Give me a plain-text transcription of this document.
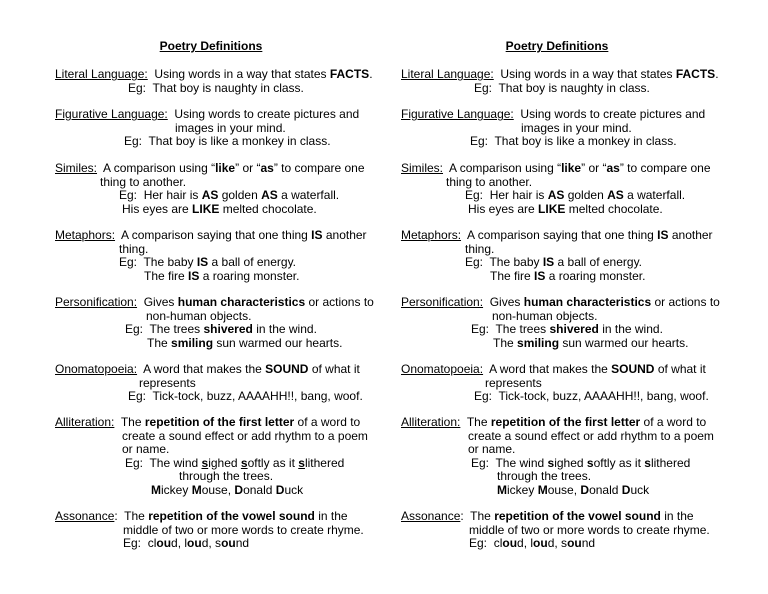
Poetry Definitions
Literal Language: Using words in a way that states FACTS.
Eg: That boy is naughty in class.
Figurative Language: Using words to create pictures and
images in your mind.
Eg: That boy is like a monkey in class.
Similes: A comparison using “like” or “as” to compare one
thing to another.
Eg: Her hair is AS golden AS a waterfall.
His eyes are LIKE melted chocolate.
Metaphors: A comparison saying that one thing IS another
thing.
Eg: The baby IS a ball of energy.
The fire IS a roaring monster.
Personification: Gives human characteristics or actions to
non-human objects.
Eg: The trees shivered in the wind.
The smiling sun warmed our hearts.
Onomatopoeia: A word that makes the SOUND of what it
represents
Eg: Tick-tock, buzz, AAAAHH!!, bang, woof.
Alliteration: The repetition of the first letter of a word to
create a sound effect or add rhythm to a poem
or name.
Eg: The wind sighed softly as it slithered
through the trees.
Mickey Mouse, Donald Duck
Assonance: The repetition of the vowel sound in the
middle of two or more words to create rhyme.
Eg: cloud, loud, sound
Poetry Definitions
Literal Language: Using words in a way that states FACTS.
Eg: That boy is naughty in class.
Figurative Language: Using words to create pictures and
images in your mind.
Eg: That boy is like a monkey in class.
Similes: A comparison using “like” or “as” to compare one
thing to another.
Eg: Her hair is AS golden AS a waterfall.
His eyes are LIKE melted chocolate.
Metaphors: A comparison saying that one thing IS another
thing.
Eg: The baby IS a ball of energy.
The fire IS a roaring monster.
Personification: Gives human characteristics or actions to
non-human objects.
Eg: The trees shivered in the wind.
The smiling sun warmed our hearts.
Onomatopoeia: A word that makes the SOUND of what it
represents
Eg: Tick-tock, buzz, AAAAHH!!, bang, woof.
Alliteration: The repetition of the first letter of a word to
create a sound effect or add rhythm to a poem
or name.
Eg: The wind sighed softly as it slithered
through the trees.
Mickey Mouse, Donald Duck
Assonance: The repetition of the vowel sound in the
middle of two or more words to create rhyme.
Eg: cloud, loud, sound
